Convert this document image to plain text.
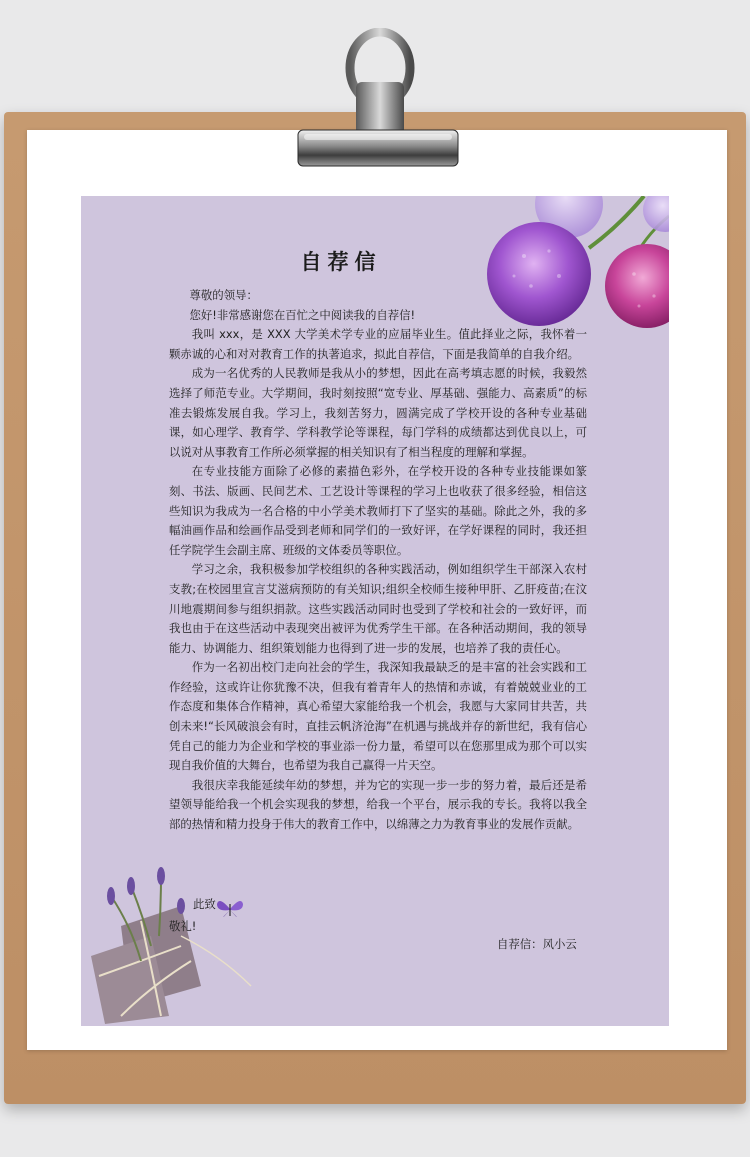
自荐信

尊敬的领导：

您好!非常感谢您在百忙之中阅读我的自荐信!

我叫 xxx，是 XXX 大学美术学专业的应届毕业生。值此择业之际，我怀着一颗赤诚的心和对对教育工作的执著追求，拟此自荐信，下面是我简单的自我介绍。

成为一名优秀的人民教师是我从小的梦想，因此在高考填志愿的时候，我毅然选择了师范专业。大学期间，我时刻按照“宽专业、厚基础、强能力、高素质”的标准去锻炼发展自我。学习上，我刻苦努力，圆满完成了学校开设的各种专业基础课，如心理学、教育学、学科教学论等课程，每门学科的成绩都达到优良以上，可以说对从事教育工作所必须掌握的相关知识有了相当程度的理解和掌握。

在专业技能方面除了必修的素描色彩外，在学校开设的各种专业技能课如篆刻、书法、版画、民间艺术、工艺设计等课程的学习上也收获了很多经验，相信这些知识为我成为一名合格的中小学美术教师打下了坚实的基础。除此之外，我的多幅油画作品和绘画作品受到老师和同学们的一致好评，在学好课程的同时，我还担任学院学生会副主席、班级的文体委员等职位。

学习之余，我积极参加学校组织的各种实践活动，例如组织学生干部深入农村支教;在校园里宣言艾滋病预防的有关知识;组织全校师生接种甲肝、乙肝疫苗;在汶川地震期间参与组织捐款。这些实践活动同时也受到了学校和社会的一致好评，而我也由于在这些活动中表现突出被评为优秀学生干部。在各种活动期间，我的领导能力、协调能力、组织策划能力也得到了进一步的发展，也培养了我的责任心。

作为一名初出校门走向社会的学生，我深知我最缺乏的是丰富的社会实践和工作经验，这或许让你犹豫不决，但我有着青年人的热情和赤诚，有着兢兢业业的工作态度和集体合作精神，真心希望大家能给我一个机会，我愿与大家同甘共苦，共创未来!“长风破浪会有时，直挂云帆济沧海”在机遇与挑战并存的新世纪，我有信心凭自己的能力为企业和学校的事业添一份力量，希望可以在您那里成为那个可以实现自我价值的大舞台，也希望为我自己赢得一片天空。

我很庆幸我能延续年幼的梦想，并为它的实现一步一步的努力着，最后还是希望领导能给我一个机会实现我的梦想，给我一个平台，展示我的专长。我将以我全部的热情和精力投身于伟大的教育工作中，以绵薄之力为教育事业的发展作贡献。

此致
敬礼!
自荐信：风小云
